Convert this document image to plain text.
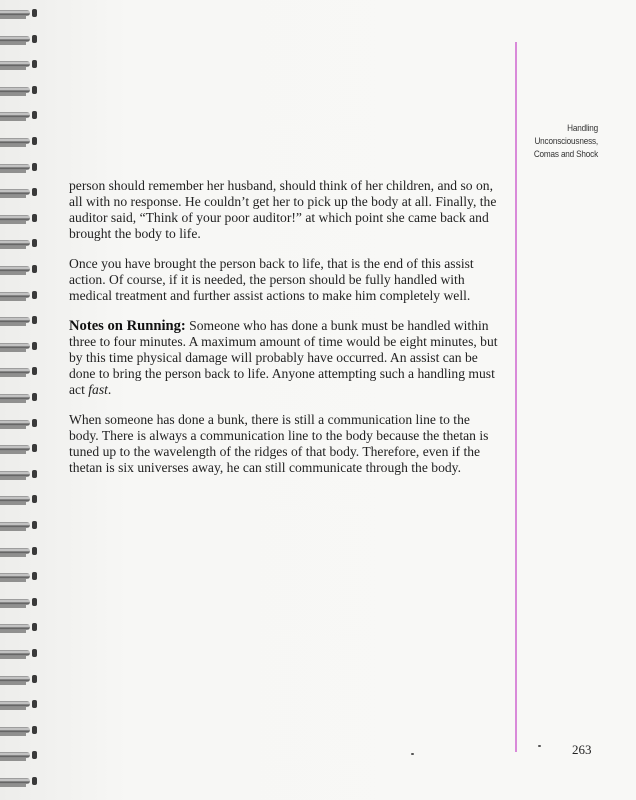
Handling
Unconsciousness,
Comas and Shock

person should remember her husband, should think of her children, and so on, all with no response. He couldn’t get her to pick up the body at all. Finally, the auditor said, “Think of your poor auditor!” at which point she came back and brought the body to life.

Once you have brought the person back to life, that is the end of this assist action. Of course, if it is needed, the person should be fully handled with medical treatment and further assist actions to make him completely well.

Notes on Running: Someone who has done a bunk must be handled within three to four minutes. A maximum amount of time would be eight minutes, but by this time physical damage will probably have occurred. An assist can be done to bring the person back to life. Anyone attempting such a handling must act fast.

When someone has done a bunk, there is still a communication line to the body. There is always a communication line to the body because the thetan is tuned up to the wavelength of the ridges of that body. Therefore, even if the thetan is six universes away, he can still communicate through the body.

263
